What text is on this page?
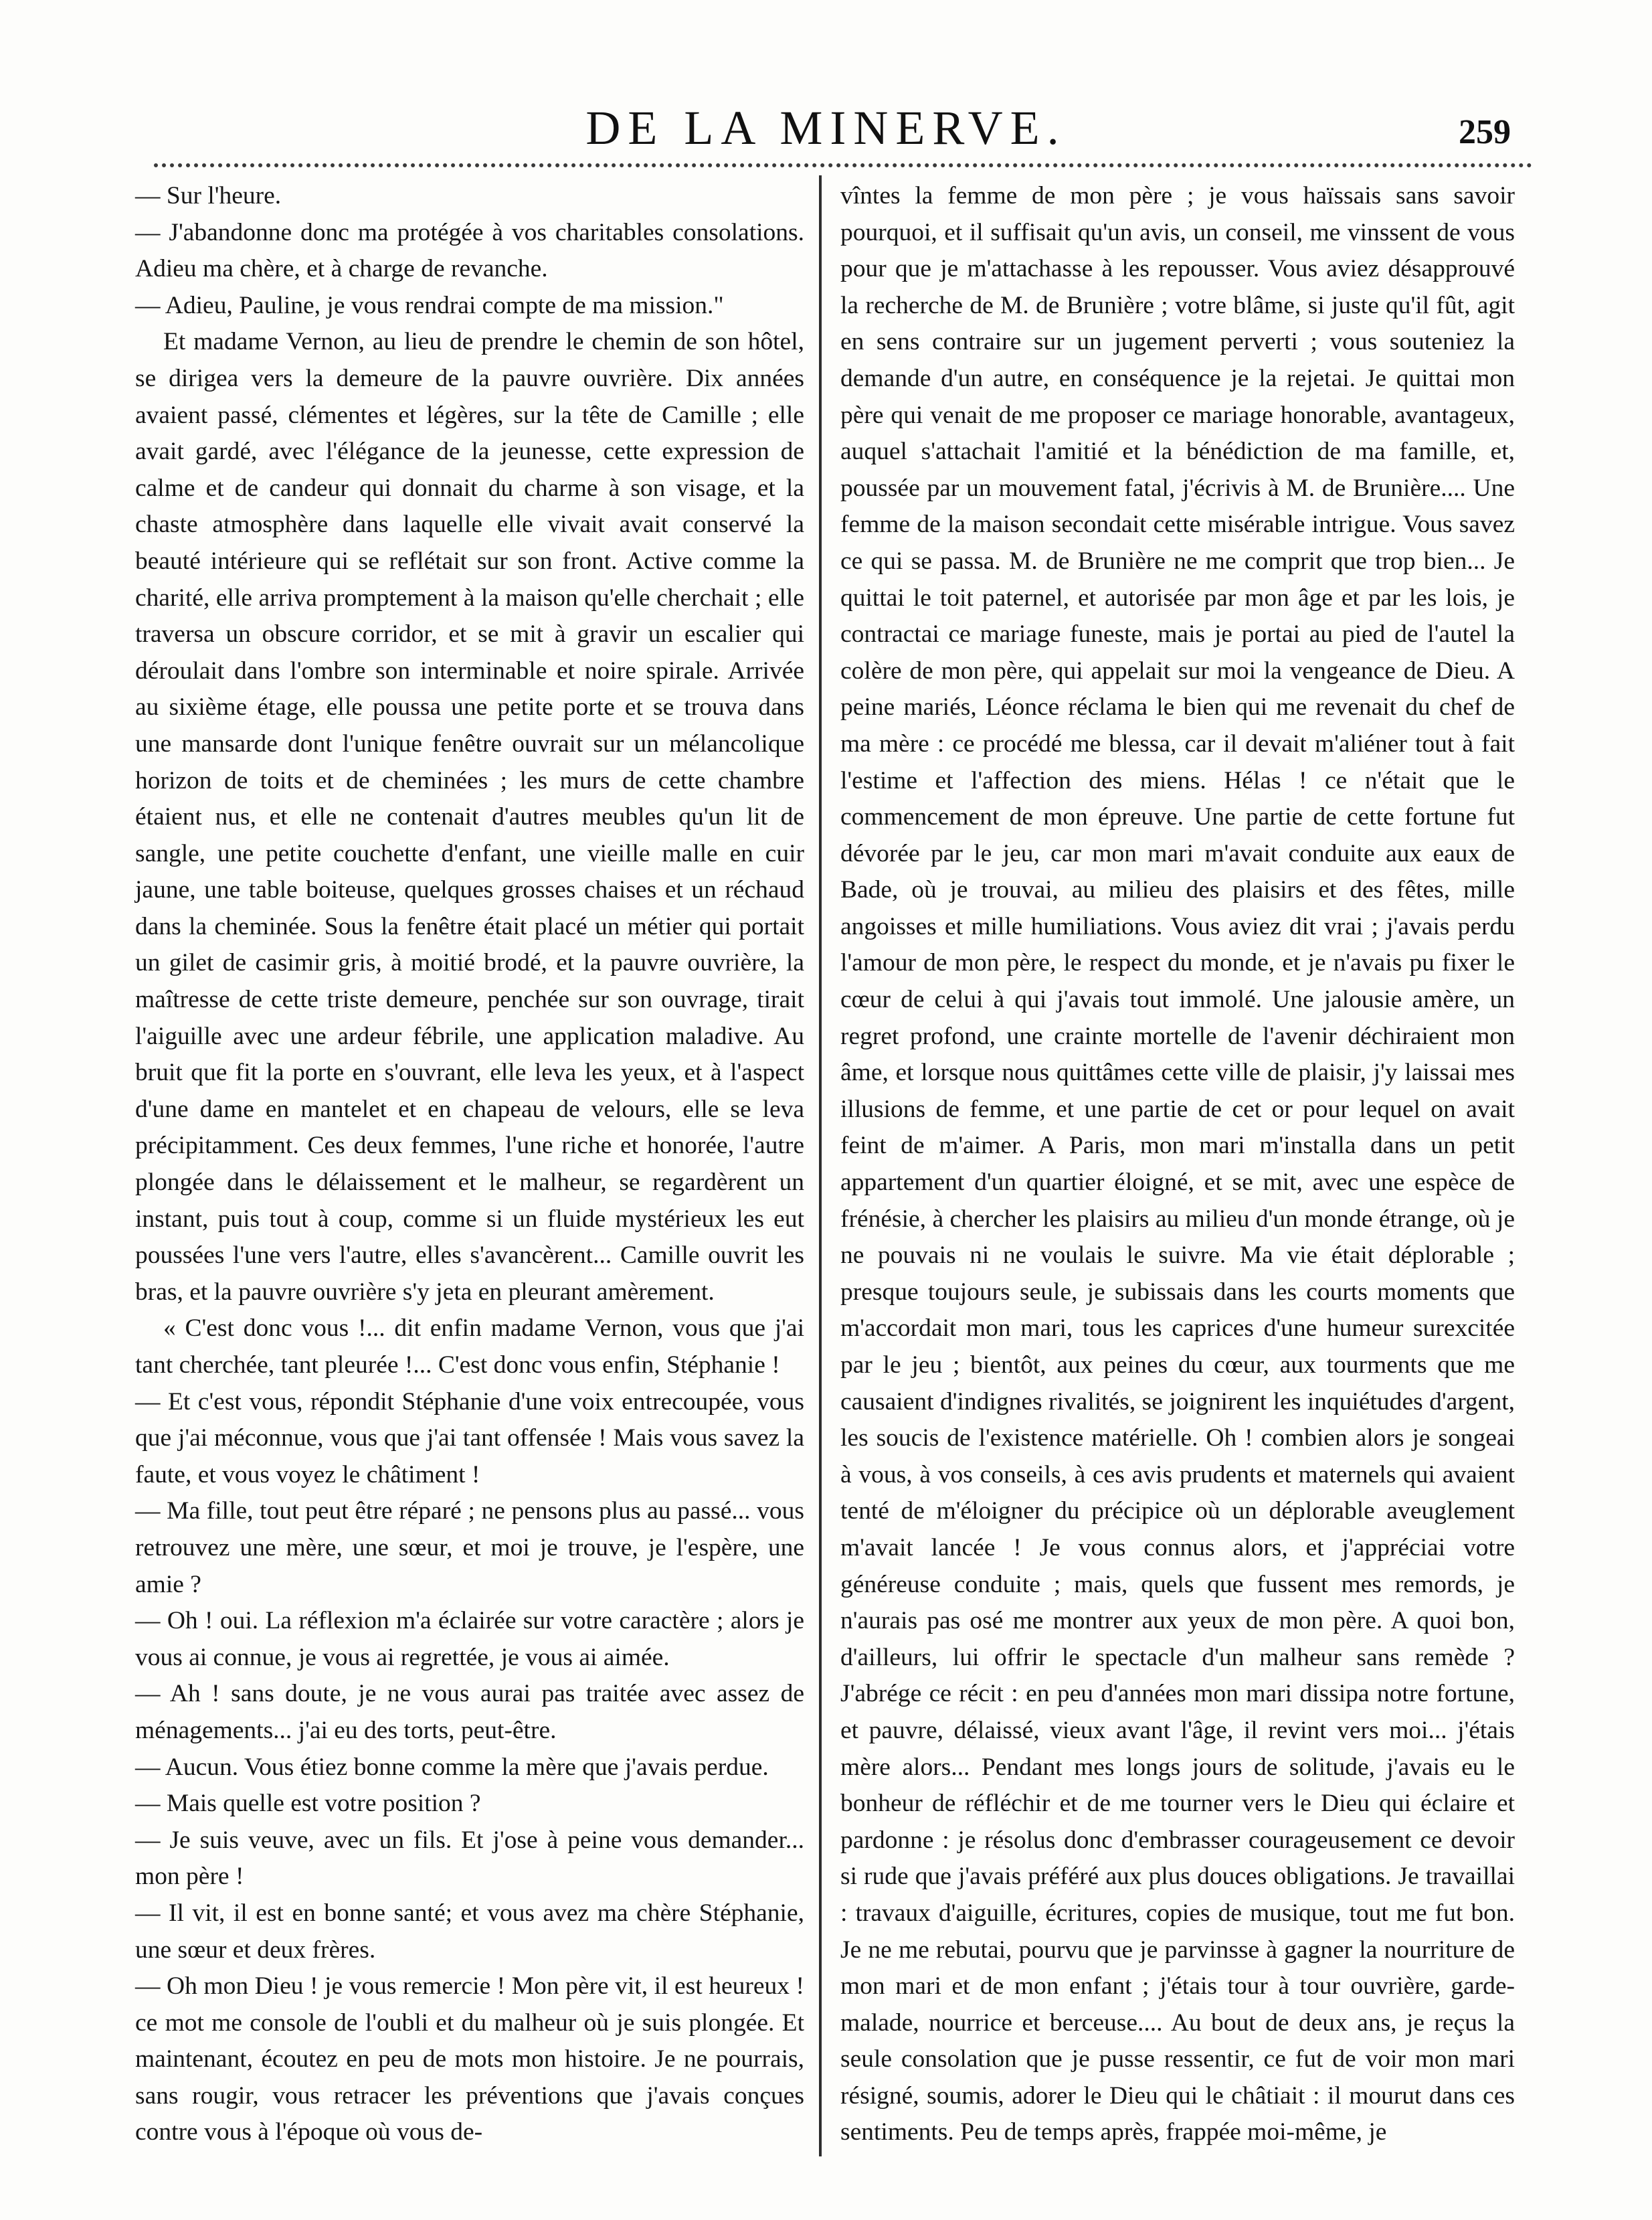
DE LA MINERVE.	259

— Sur l'heure.

— J'abandonne donc ma protégée à vos charitables consolations. Adieu ma chère, et à charge de revanche.

— Adieu, Pauline, je vous rendrai compte de ma mission."

Et madame Vernon, au lieu de prendre le chemin de son hôtel, se dirigea vers la demeure de la pauvre ouvrière. Dix années avaient passé, clémentes et légères, sur la tête de Camille ; elle avait gardé, avec l'élégance de la jeunesse, cette expression de calme et de candeur qui donnait du charme à son visage, et la chaste atmosphère dans laquelle elle vivait avait conservé la beauté intérieure qui se reflétait sur son front. Active comme la charité, elle arriva promptement à la maison qu'elle cherchait ; elle traversa un obscure corridor, et se mit à gravir un escalier qui déroulait dans l'ombre son interminable et noire spirale. Arrivée au sixième étage, elle poussa une petite porte et se trouva dans une mansarde dont l'unique fenêtre ouvrait sur un mélancolique horizon de toits et de cheminées ; les murs de cette chambre étaient nus, et elle ne contenait d'autres meubles qu'un lit de sangle, une petite couchette d'enfant, une vieille malle en cuir jaune, une table boiteuse, quelques grosses chaises et un réchaud dans la cheminée. Sous la fenêtre était placé un métier qui portait un gilet de casimir gris, à moitié brodé, et la pauvre ouvrière, la maîtresse de cette triste demeure, penchée sur son ouvrage, tirait l'aiguille avec une ardeur fébrile, une application maladive. Au bruit que fit la porte en s'ouvrant, elle leva les yeux, et à l'aspect d'une dame en mantelet et en chapeau de velours, elle se leva précipitamment. Ces deux femmes, l'une riche et honorée, l'autre plongée dans le délaissement et le malheur, se regardèrent un instant, puis tout à coup, comme si un fluide mystérieux les eut poussées l'une vers l'autre, elles s'avancèrent... Camille ouvrit les bras, et la pauvre ouvrière s'y jeta en pleurant amèrement.

« C'est donc vous !... dit enfin madame Vernon, vous que j'ai tant cherchée, tant pleurée !... C'est donc vous enfin, Stéphanie !

— Et c'est vous, répondit Stéphanie d'une voix entrecoupée, vous que j'ai méconnue, vous que j'ai tant offensée ! Mais vous savez la faute, et vous voyez le châtiment !

— Ma fille, tout peut être réparé ; ne pensons plus au passé... vous retrouvez une mère, une sœur, et moi je trouve, je l'espère, une amie ?

— Oh ! oui. La réflexion m'a éclairée sur votre caractère ; alors je vous ai connue, je vous ai regrettée, je vous ai aimée.

— Ah ! sans doute, je ne vous aurai pas traitée avec assez de ménagements... j'ai eu des torts, peut-être.

— Aucun. Vous étiez bonne comme la mère que j'avais perdue.

— Mais quelle est votre position ?

— Je suis veuve, avec un fils. Et j'ose à peine vous demander... mon père !

— Il vit, il est en bonne santé; et vous avez ma chère Stéphanie, une sœur et deux frères.

— Oh mon Dieu ! je vous remercie ! Mon père vit, il est heureux ! ce mot me console de l'oubli et du malheur où je suis plongée. Et maintenant, écoutez en peu de mots mon histoire. Je ne pourrais, sans rougir, vous retracer les préventions que j'avais conçues contre vous à l'époque où vous de-

vîntes la femme de mon père ; je vous haïssais sans savoir pourquoi, et il suffisait qu'un avis, un conseil, me vinssent de vous pour que je m'attachasse à les repousser. Vous aviez désapprouvé la recherche de M. de Brunière ; votre blâme, si juste qu'il fût, agit en sens contraire sur un jugement perverti ; vous souteniez la demande d'un autre, en conséquence je la rejetai. Je quittai mon père qui venait de me proposer ce mariage honorable, avantageux, auquel s'attachait l'amitié et la bénédiction de ma famille, et, poussée par un mouvement fatal, j'écrivis à M. de Brunière.... Une femme de la maison secondait cette misérable intrigue. Vous savez ce qui se passa. M. de Brunière ne me comprit que trop bien... Je quittai le toit paternel, et autorisée par mon âge et par les lois, je contractai ce mariage funeste, mais je portai au pied de l'autel la colère de mon père, qui appelait sur moi la vengeance de Dieu. A peine mariés, Léonce réclama le bien qui me revenait du chef de ma mère : ce procédé me blessa, car il devait m'aliéner tout à fait l'estime et l'affection des miens. Hélas ! ce n'était que le commencement de mon épreuve. Une partie de cette fortune fut dévorée par le jeu, car mon mari m'avait conduite aux eaux de Bade, où je trouvai, au milieu des plaisirs et des fêtes, mille angoisses et mille humiliations. Vous aviez dit vrai ; j'avais perdu l'amour de mon père, le respect du monde, et je n'avais pu fixer le cœur de celui à qui j'avais tout immolé. Une jalousie amère, un regret profond, une crainte mortelle de l'avenir déchiraient mon âme, et lorsque nous quittâmes cette ville de plaisir, j'y laissai mes illusions de femme, et une partie de cet or pour lequel on avait feint de m'aimer. A Paris, mon mari m'installa dans un petit appartement d'un quartier éloigné, et se mit, avec une espèce de frénésie, à chercher les plaisirs au milieu d'un monde étrange, où je ne pouvais ni ne voulais le suivre. Ma vie était déplorable ; presque toujours seule, je subissais dans les courts moments que m'accordait mon mari, tous les caprices d'une humeur surexcitée par le jeu ; bientôt, aux peines du cœur, aux tourments que me causaient d'indignes rivalités, se joignirent les inquiétudes d'argent, les soucis de l'existence matérielle. Oh ! combien alors je songeai à vous, à vos conseils, à ces avis prudents et maternels qui avaient tenté de m'éloigner du précipice où un déplorable aveuglement m'avait lancée ! Je vous connus alors, et j'appréciai votre généreuse conduite ; mais, quels que fussent mes remords, je n'aurais pas osé me montrer aux yeux de mon père. A quoi bon, d'ailleurs, lui offrir le spectacle d'un malheur sans remède ? J'abrége ce récit : en peu d'années mon mari dissipa notre fortune, et pauvre, délaissé, vieux avant l'âge, il revint vers moi... j'étais mère alors... Pendant mes longs jours de solitude, j'avais eu le bonheur de réfléchir et de me tourner vers le Dieu qui éclaire et pardonne : je résolus donc d'embrasser courageusement ce devoir si rude que j'avais préféré aux plus douces obligations. Je travaillai : travaux d'aiguille, écritures, copies de musique, tout me fut bon. Je ne me rebutai, pourvu que je parvinsse à gagner la nourriture de mon mari et de mon enfant ; j'étais tour à tour ouvrière, garde-malade, nourrice et berceuse.... Au bout de deux ans, je reçus la seule consolation que je pusse ressentir, ce fut de voir mon mari résigné, soumis, adorer le Dieu qui le châtiait : il mourut dans ces sentiments. Peu de temps après, frappée moi-même, je
